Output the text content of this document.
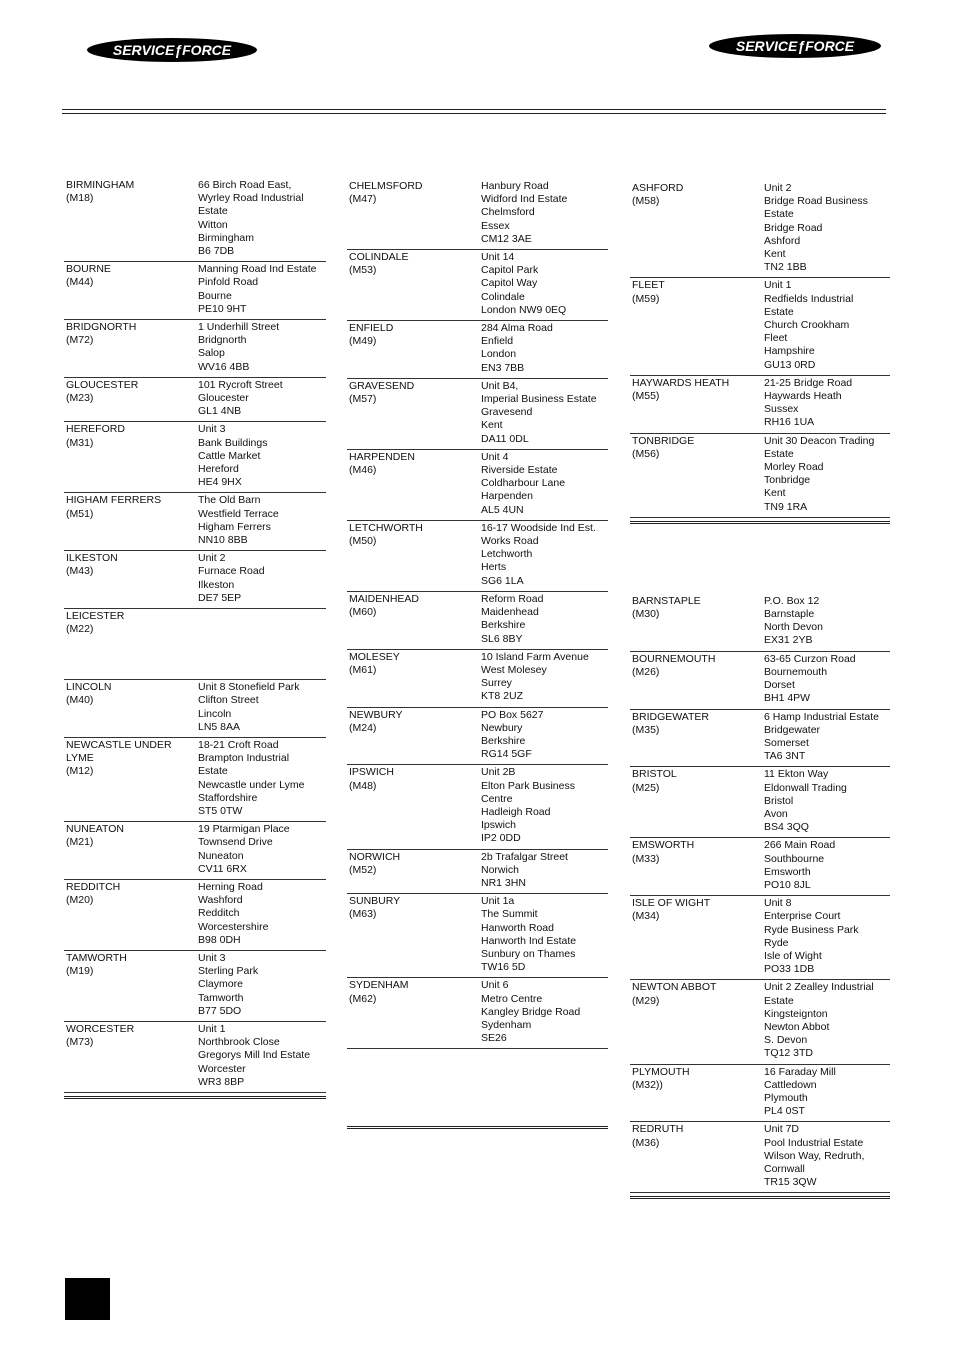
SERVICEƒFORCE	SERVICEƒFORCE
BIRMINGHAM
(M18)
66 Birch Road East,
Wyrley Road Industrial
Estate
Witton
Birmingham
B6 7DB
BOURNE
(M44)
Manning Road Ind Estate
Pinfold Road
Bourne
PE10 9HT
BRIDGNORTH
(M72)
1 Underhill Street
Bridgnorth
Salop
WV16 4BB
GLOUCESTER
(M23)
101 Rycroft Street
Gloucester
GL1 4NB
HEREFORD
(M31)
Unit 3
Bank Buildings
Cattle Market
Hereford
HE4 9HX
HIGHAM FERRERS
(M51)
The Old Barn
Westfield Terrace
Higham Ferrers
NN10 8BB
ILKESTON
(M43)
Unit 2
Furnace Road
Ilkeston
DE7 5EP
LEICESTER
(M22)

LINCOLN
(M40)
Unit 8 Stonefield Park
Clifton Street
Lincoln
LN5 8AA
NEWCASTLE UNDER
LYME
(M12)
18-21 Croft Road
Brampton Industrial
Estate
Newcastle under Lyme
Staffordshire
ST5 0TW
NUNEATON
(M21)
19 Ptarmigan Place
Townsend Drive
Nuneaton
CV11 6RX
REDDITCH
(M20)
Herning Road
Washford
Redditch
Worcestershire
B98 0DH
TAMWORTH
(M19)
Unit 3
Sterling Park
Claymore
Tamworth
B77 5DO
WORCESTER
(M73)
Unit 1
Northbrook Close
Gregorys Mill Ind Estate
Worcester
WR3 8BP
CHELMSFORD
(M47)
Hanbury Road
Widford Ind Estate
Chelmsford
Essex
CM12 3AE
COLINDALE
(M53)
Unit 14
Capitol Park
Capitol Way
Colindale
London NW9 0EQ
ENFIELD
(M49)
284 Alma Road
Enfield
London
EN3 7BB
GRAVESEND
(M57)
Unit B4,
Imperial Business Estate
Gravesend
Kent
DA11 0DL
HARPENDEN
(M46)
Unit 4
Riverside Estate
Coldharbour Lane
Harpenden
AL5 4UN
LETCHWORTH
(M50)
16-17 Woodside Ind Est.
Works Road
Letchworth
Herts
SG6 1LA
MAIDENHEAD
(M60)
Reform Road
Maidenhead
Berkshire
SL6 8BY
MOLESEY
(M61)
10 Island Farm Avenue
West Molesey
Surrey
KT8 2UZ
NEWBURY
(M24)
PO Box 5627
Newbury
Berkshire
RG14 5GF
IPSWICH
(M48)
Unit 2B
Elton Park Business
Centre
Hadleigh Road
Ipswich
IP2 0DD
NORWICH
(M52)
2b Trafalgar Street
Norwich
NR1 3HN
SUNBURY
(M63)
Unit 1a
The Summit
Hanworth Road
Hanworth Ind Estate
Sunbury on Thames
TW16 5D
SYDENHAM
(M62)
Unit 6
Metro Centre
Kangley Bridge Road
Sydenham
SE26
ASHFORD
(M58)
Unit 2
Bridge Road Business
Estate
Bridge Road
Ashford
Kent
TN2 1BB
FLEET
(M59)
Unit 1
Redfields Industrial
Estate
Church Crookham
Fleet
Hampshire
GU13 0RD
HAYWARDS HEATH
(M55)
21-25 Bridge Road
Haywards Heath
Sussex
RH16 1UA
TONBRIDGE
(M56)
Unit 30 Deacon Trading
Estate
Morley Road
Tonbridge
Kent
TN9 1RA
BARNSTAPLE
(M30)
P.O. Box 12
Barnstaple
North Devon
EX31 2YB
BOURNEMOUTH
(M26)
63-65 Curzon Road
Bournemouth
Dorset
BH1 4PW
BRIDGEWATER
(M35)
6 Hamp Industrial Estate
Bridgewater
Somerset
TA6 3NT
BRISTOL
(M25)
11 Ekton Way
Eldonwall Trading
Bristol
Avon
BS4 3QQ
EMSWORTH
(M33)
266 Main Road
Southbourne
Emsworth
PO10 8JL
ISLE OF WIGHT
(M34)
Unit 8
Enterprise Court
Ryde Business Park
Ryde
Isle of Wight
PO33 1DB
NEWTON ABBOT
(M29)
Unit 2 Zealley Industrial
Estate
Kingsteignton
Newton Abbot
S. Devon
TQ12 3TD
PLYMOUTH
(M32))
16 Faraday Mill
Cattledown
Plymouth
PL4 0ST
REDRUTH
(M36)
Unit 7D
Pool Industrial Estate
Wilson Way, Redruth,
Cornwall
TR15 3QW
